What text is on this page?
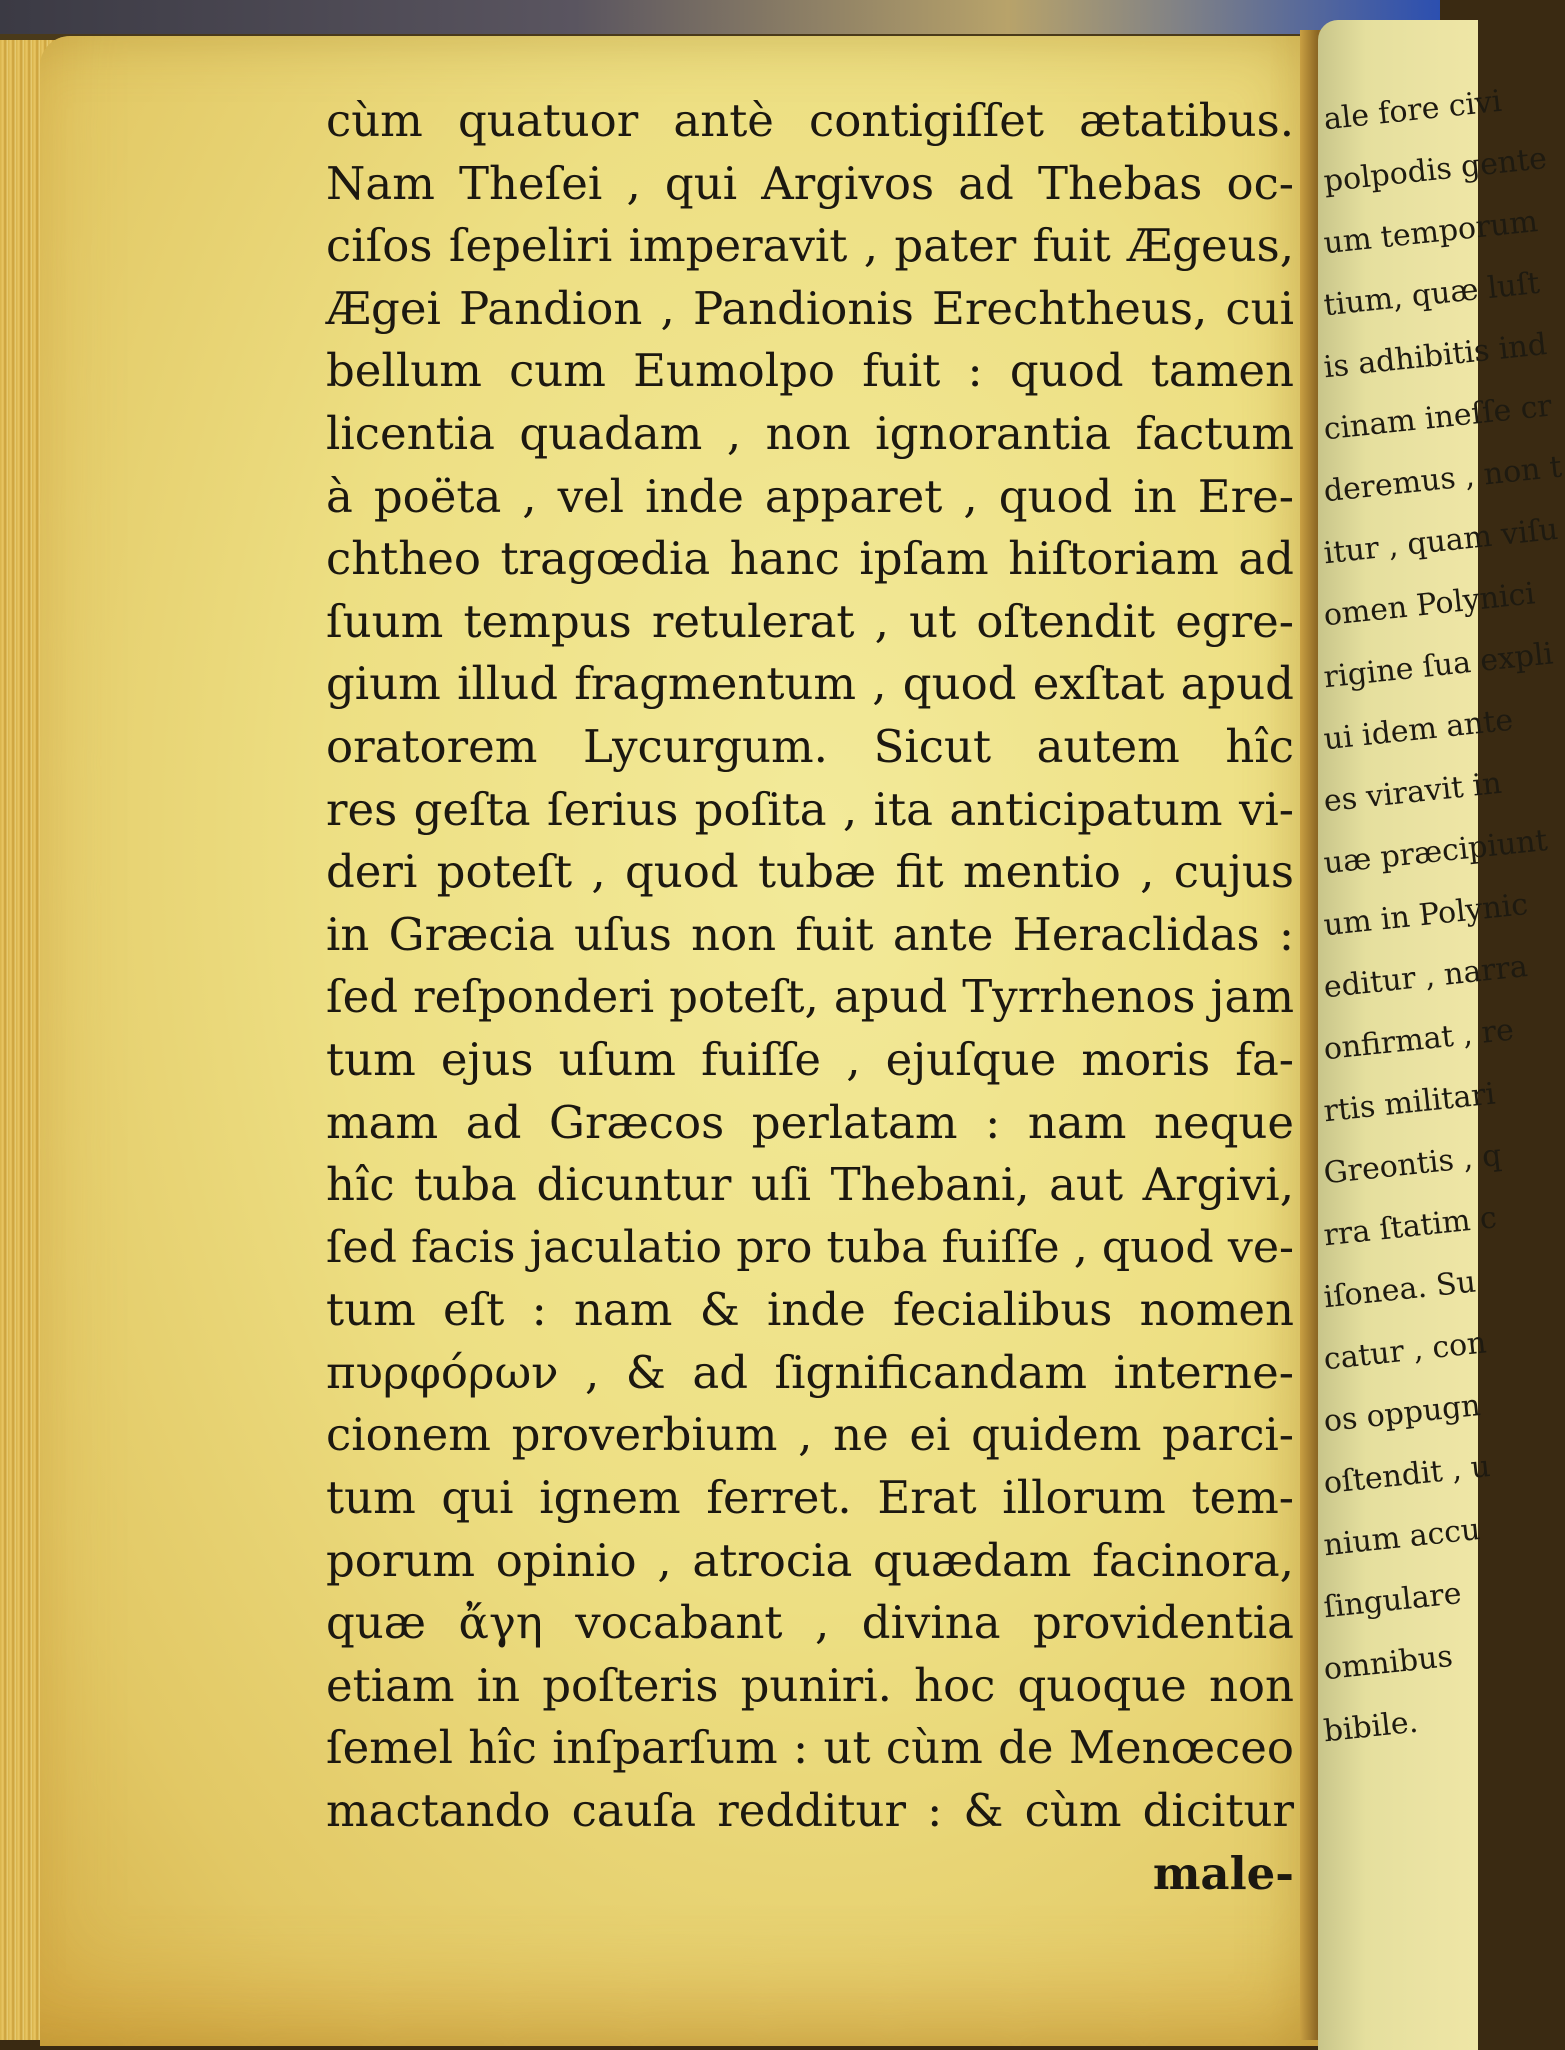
cùm quatuor antè contigiſſet ætatibus.
Nam Theſei , qui Argivos ad Thebas oc-
ciſos ſepeliri imperavit , pater fuit Ægeus,
Ægei Pandion , Pandionis Erechtheus, cui
bellum cum Eumolpo fuit : quod tamen
licentia quadam , non ignorantia factum
à poëta , vel inde apparet , quod in Ere-
chtheo tragœdia hanc ipſam hiſtoriam ad
ſuum tempus retulerat , ut oſtendit egre-
gium illud fragmentum , quod exſtat apud
oratorem Lycurgum. Sicut autem hîc
res geſta ſerius poſita , ita anticipatum vi-
deri poteſt , quod tubæ fit mentio , cujus
in Græcia uſus non fuit ante Heraclidas :
ſed reſponderi poteſt, apud Tyrrhenos jam
tum ejus uſum fuiſſe , ejuſque moris fa-
mam ad Græcos perlatam : nam neque
hîc tuba dicuntur uſi Thebani, aut Argivi,
ſed facis jaculatio pro tuba fuiſſe , quod ve-
tum eſt : nam & inde fecialibus nomen
πυρφόρων , & ad ſignificandam interne-
cionem proverbium , ne ei quidem parci-
tum qui ignem ferret. Erat illorum tem-
porum opinio , atrocia quædam facinora,
quæ ἄγη vocabant , divina providentia
etiam in poſteris puniri. hoc quoque non
ſemel hîc inſparſum : ut cùm de Menœceo
mactando cauſa redditur : & cùm dicitur
male-
ale fore civi
polpodis gente
um temporum
tium, quæ luſt
is adhibitis ind
cinam ineſſe cr
deremus , non t
itur , quam viſu
omen Polynici
rigine ſua expli
ui idem ante
es viravit in
uæ præcipiunt
um in Polynic
editur , narra
onfirmat , re
rtis militari
Greontis , q
rra ſtatim c
iſonea. Su
catur , con
os oppugn
oſtendit , u
nium accu
ſingulare
omnibus
bibile.
